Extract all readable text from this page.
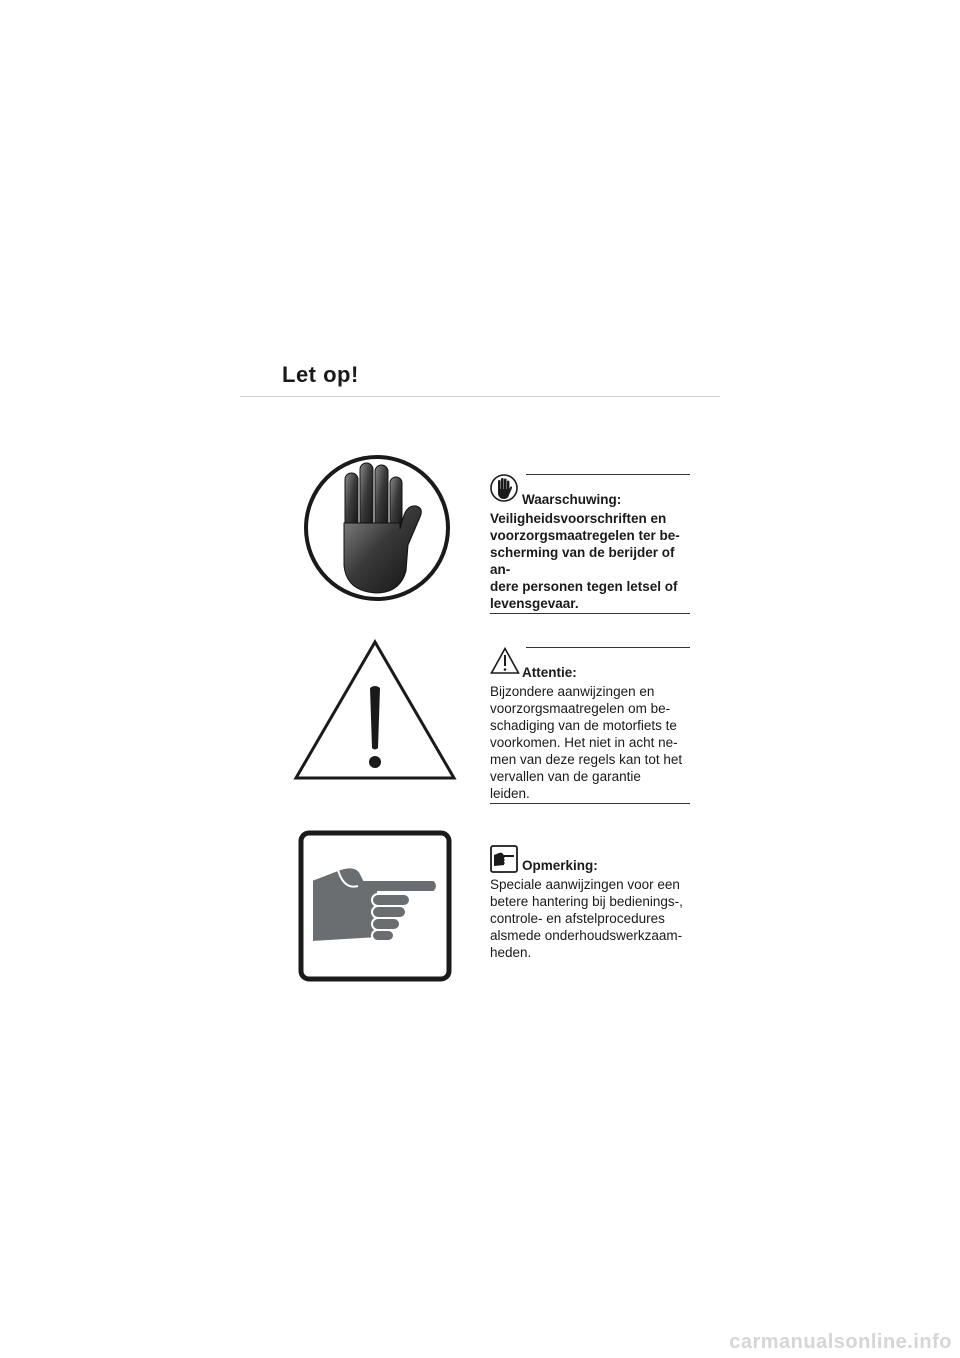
Let op!
Waarschuwing:
Veiligheidsvoorschriften en
voorzorgsmaatregelen ter be-
scherming van de berijder of an-
dere personen tegen letsel of
levensgevaar.
Attentie:
Bijzondere aanwijzingen en
voorzorgsmaatregelen om be-
schadiging van de motorfiets te
voorkomen. Het niet in acht ne-
men van deze regels kan tot het
vervallen van de garantie
leiden.
Opmerking:
Speciale aanwijzingen voor een
betere hantering bij bedienings-,
controle- en afstelprocedures
alsmede onderhoudswerkzaam-
heden.
carmanualsonline.info
